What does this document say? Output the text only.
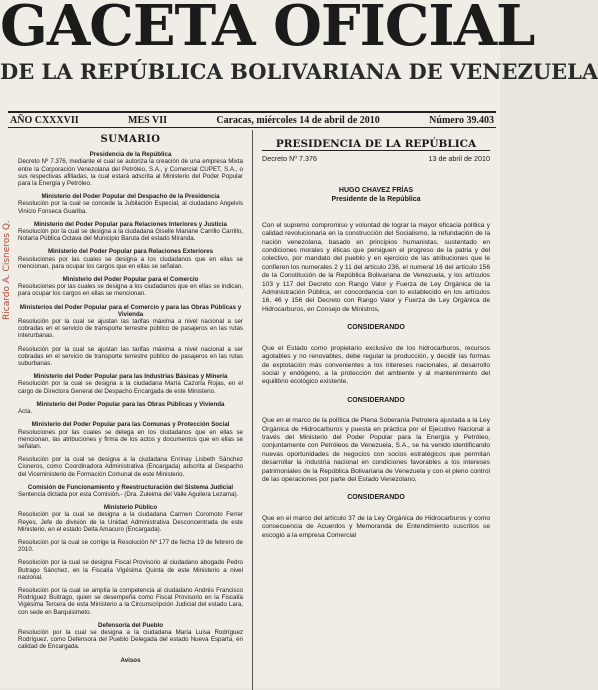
GACETA OFICIAL
DE LA REPÚBLICA BOLIVARIANA DE VENEZUELA
Ricardo A. Cisneros Q.
AÑO CXXXVII	MES VII	Caracas, miércoles 14 de abril de 2010	Número 39.403
SUMARIO
Presidencia de la República
Decreto Nº 7.376, mediante el cual se autoriza la creación de una empresa Mixta entre la Corporación Venezolana del Petróleo, S.A., y Comercial CUPET, S.A., o sus respectivas afiliadas, la cual estará adscrita al Ministerio del Poder Popular para la Energía y Petróleo.
Ministerio del Poder Popular del Despacho de la Presidencia
Resolución por la cual se concede la Jubilación Especial, al ciudadano Angelvis Vinicio Fonseca Guariba.
Ministerio del Poder Popular para Relaciones Interiores y Justicia
Resolución por la cual se designa a la ciudadana Giselle Mariane Carrillo Carrillo, Notaría Pública Octava del Municipio Baruta del estado Miranda.
Ministerio del Poder Popular para Relaciones Exteriores
Resoluciones por las cuales se designa a los ciudadanos que en ellas se mencionan, para ocupar los cargos que en ellas se señalan.
Ministerio del Poder Popular para el Comercio
Resoluciones por las cuales se designa a los ciudadanos que en ellas se indican, para ocupar los cargos en ellas se mencionan.
Ministerios del Poder Popular para el Comercio y para las Obras Públicas y Vivienda
Resolución por la cual se ajustan las tarifas máxima a nivel nacional a ser cobradas en el servicio de transporte terrestre público de pasajeros en las rutas interurbanas.
Resolución por la cual se ajustan las tarifas máxima a nivel nacional a ser cobradas en el servicio de transporte terrestre público de pasajeros en las rutas suburbanas.
Ministerio del Poder Popular para las Industrias Básicas y Minería
Resolución por la cual se designa a la ciudadana María Cazorla Rojas, en el cargo de Directora General del Despacho Encargada de este Ministerio.
Ministerio del Poder Popular para las Obras Públicas y Vivienda
Acta.
Ministerio del Poder Popular para las Comunas y Protección Social
Resoluciones por las cuales se delega en los ciudadanos que en ellas se mencionan, las atribuciones y firma de los actos y documentos que en ellas se señalan.
Resolución por la cual se designa a la ciudadana Enrinay Lisbeth Sánchez Cisneros, como Coordinadora Administrativa (Encargada) adscrita al Despacho del Viceministerio de Formación Comunal de este Ministerio.
Comisión de Funcionamiento y Reestructuración del Sistema Judicial
Sentencia dictada por esta Comisión.- (Dra. Zuleima del Valle Aguilera Lezama).
Ministerio Público
Resolución por la cual se designa a la ciudadana Carmen Coromoto Ferrer Reyes, Jefe de división de la Unidad Administrativa Desconcentrada de este Ministerio, en el estado Delta Amacuro (Encargada).
Resolución por la cual se corrige la Resolución Nº 177 de fecha 19 de febrero de 2010.
Resolución por la cual se designa Fiscal Provisorio al ciudadano abogado Pedro Butrago Sánchez, en la Fiscalía Vigésima Quinta de este Ministerio a nivel nacional.
Resolución por la cual se amplía la competencia al ciudadano Andrés Francisco Rodríguez Buitrago, quien se desempeña como Fiscal Provisorio en la Fiscalía Vigésima Tercera de esta Ministerio a la Circunscripción Judicial del estado Lara, con sede en Barquisimeto.
Defensoría del Pueblo
Resolución por la cual se designa a la ciudadana María Luisa Rodríguez Rodríguez, como Defensora del Pueblo Delegada del estado Nueva Esparta, en calidad de Encargada.
Avisos
PRESIDENCIA DE LA REPÚBLICA
Decreto Nº 7.376	13 de abril de 2010
HUGO CHAVEZ FRÍAS
Presidente de la República
Con el supremo compromiso y voluntad de lograr la mayor eficacia política y calidad revolucionaria en la construcción del Socialismo, la refundación de la nación venezolana, basado en principios humanistas, sustentado en condiciones morales y éticas que persiguen el progreso de la patria y del colectivo, por mandato del pueblo y en ejercicio de las atribuciones que le confieren los numerales 2 y 11 del artículo 236, el numeral 16 del artículo 156 de la Constitución de la República Bolivariana de Venezuela, y los artículos 103 y 117 del Decreto con Rango Valor y Fuerza de Ley Orgánica de la Administración Pública, en concordancia con lo establecido en los artículos 16, 46 y 156 del Decreto con Rango Valor y Fuerza de Ley Orgánica de Hidrocarburos, en Consejo de Ministros,
CONSIDERANDO
Que el Estado como propietario exclusivo de los hidrocarburos, recursos agotables y no renovables, debe regular la producción, y decidir las formas de explotación más convenientes a los intereses nacionales, al desarrollo social y endógeno, a la protección del ambiente y al mantenimiento del equilibrio ecológico existente,
CONSIDERANDO
Que en el marco de la política de Plena Soberanía Petrolera ajustada a la Ley Orgánica de Hidrocarburos y puesta en práctica por el Ejecutivo Nacional a través del Ministerio del Poder Popular para la Energía y Petróleo, conjuntamente con Petróleos de Venezuela, S.A., se ha venido identificando nuevas oportunidades de negocios con socios estratégicos que permitan desarrollar la industria nacional en condiciones favorables a los intereses patrimoniales de la República Bolivariana de Venezuela y con el pleno control de las operaciones por parte del Estado Venezolano,
CONSIDERANDO
Que en el marco del artículo 37 de la Ley Orgánica de Hidrocarburos y como consecuencia de Acuerdos y Memoranda de Entendimiento suscritos se escogió a la empresa Comercial
